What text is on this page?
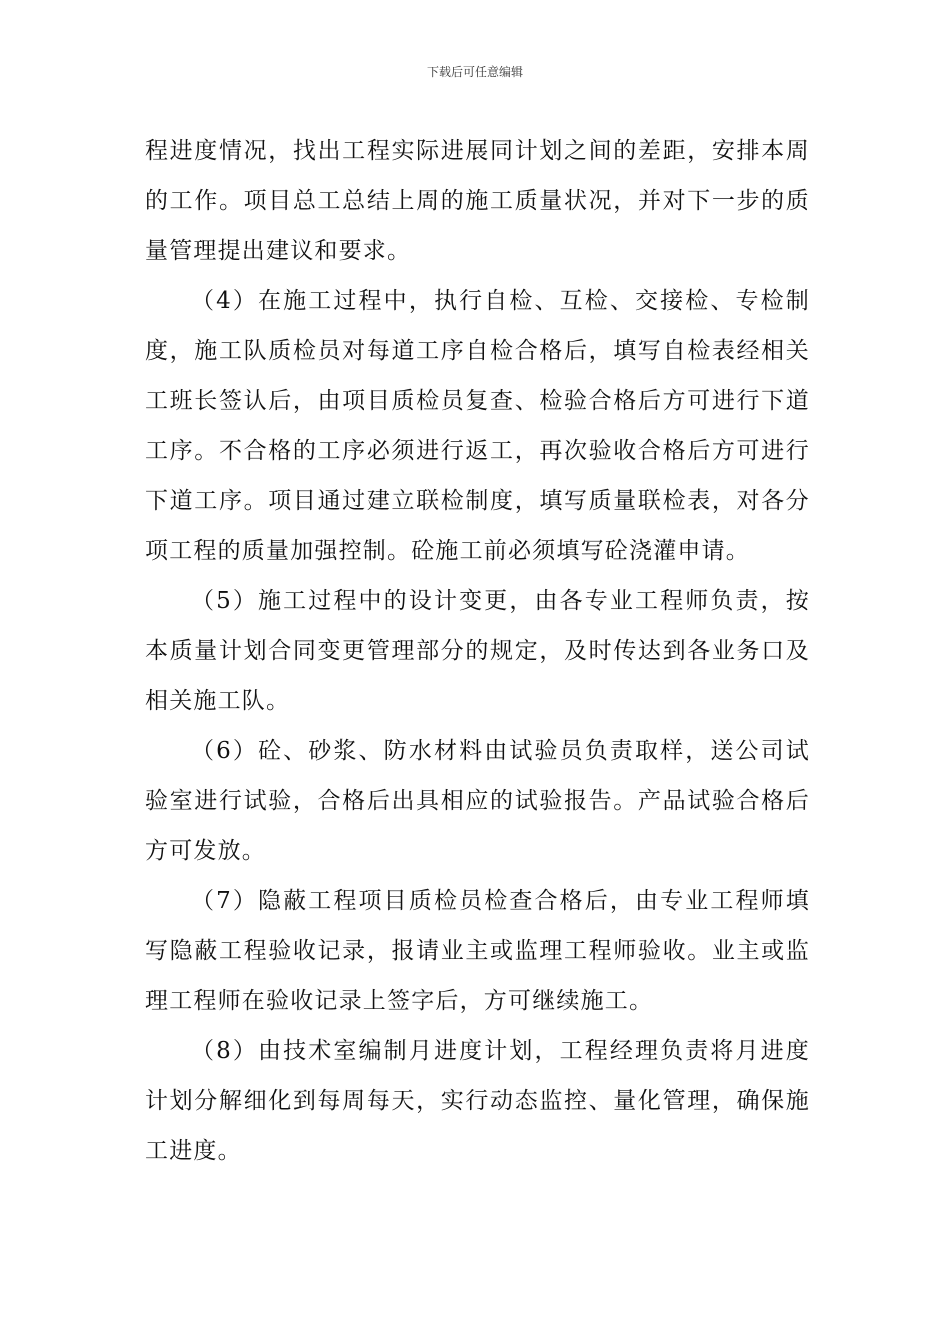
下载后可任意编辑

程进度情况，找出工程实际进展同计划之间的差距，安排本周的工作。项目总工总结上周的施工质量状况，并对下一步的质量管理提出建议和要求。

（4）在施工过程中，执行自检、互检、交接检、专检制度，施工队质检员对每道工序自检合格后，填写自检表经相关工班长签认后，由项目质检员复查、检验合格后方可进行下道工序。不合格的工序必须进行返工，再次验收合格后方可进行下道工序。项目通过建立联检制度，填写质量联检表，对各分项工程的质量加强控制。砼施工前必须填写砼浇灌申请。

（5）施工过程中的设计变更，由各专业工程师负责，按本质量计划合同变更管理部分的规定，及时传达到各业务口及相关施工队。

（6）砼、砂浆、防水材料由试验员负责取样，送公司试验室进行试验，合格后出具相应的试验报告。产品试验合格后方可发放。

（7）隐蔽工程项目质检员检查合格后，由专业工程师填写隐蔽工程验收记录，报请业主或监理工程师验收。业主或监理工程师在验收记录上签字后，方可继续施工。

（8）由技术室编制月进度计划，工程经理负责将月进度计划分解细化到每周每天，实行动态监控、量化管理，确保施工进度。
